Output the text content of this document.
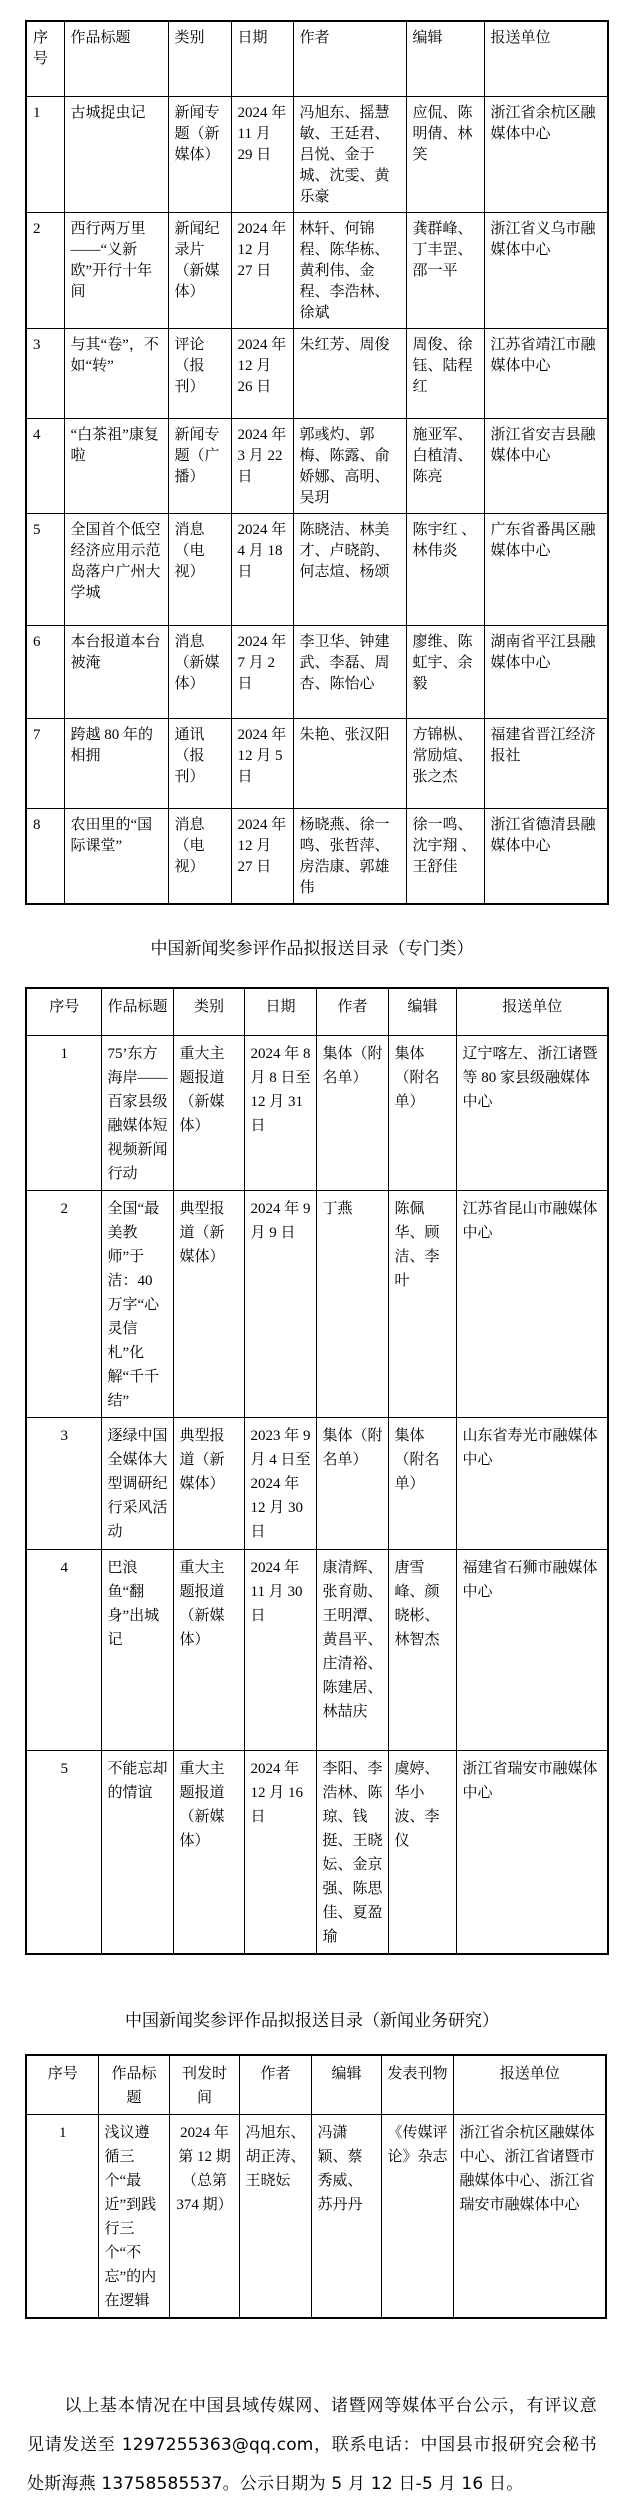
序号	作品标题	类别	日期	作者	编辑	报送单位
1	古城捉虫记	新闻专题（新媒体）	2024 年 11 月 29 日	冯旭东、摇慧敏、王廷君、吕悦、金于城、沈雯、黄乐豪	应侃、陈明倩、林笑	浙江省余杭区融媒体中心
2	西行两万里——“义新欧”开行十年间	新闻纪录片（新媒体）	2024 年 12 月 27 日	林轩、何锦程、陈华栋、黄利伟、金程、李浩林、徐斌	龚群峰、丁丰罡、邵一平	浙江省义乌市融媒体中心
3	与其“卷”，不如“转”	评论（报刊）	2024 年 12 月 26 日	朱红芳、周俊	周俊、徐钰、陆程红	江苏省靖江市融媒体中心
4	“白茶祖”康复啦	新闻专题（广播）	2024 年 3 月 22 日	郭彧灼、郭梅、陈露、俞娇娜、高明、吴玥	施亚军、白植清、陈亮	浙江省安吉县融媒体中心
5	全国首个低空经济应用示范岛落户广州大学城	消息（电视）	2024 年 4 月 18 日	陈晓洁、林美才、卢晓韵、何志煊、杨颂	陈宇红 、林伟炎	广东省番禺区融媒体中心
6	本台报道本台被淹	消息（新媒体）	2024 年 7 月 2 日	李卫华、钟建武、李磊、周杏、陈怡心	廖维、陈虹宇、余毅	湖南省平江县融媒体中心
7	跨越 80 年的相拥	通讯（报刊）	2024 年 12 月 5 日	朱艳、张汉阳	方锦枞、常励煊、张之杰	福建省晋江经济报社
8	农田里的“国际课堂”	消息（电视）	2024 年 12 月 27 日	杨晓燕、徐一鸣、张哲萍、房浩康、郭雄伟	徐一鸣、沈宇翔 、王舒佳	浙江省德清县融媒体中心
中国新闻奖参评作品拟报送目录（专门类）
序号	作品标题	类别	日期	作者	编辑	报送单位
1	75’东方海岸——百家县级融媒体短视频新闻行动	重大主题报道（新媒体）	2024 年 8 月 8 日至 12 月 31 日	集体（附名单）	集体（附名单）	辽宁喀左、浙江诸暨等 80 家县级融媒体中心
2	全国“最美教师”于洁：40 万字“心灵信札”化解“千千结”	典型报道（新媒体）	2024 年 9 月 9 日	丁燕	陈佩华、顾洁、李叶	江苏省昆山市融媒体中心
3	逐绿中国全媒体大型调研纪行采风活动	典型报道（新媒体）	2023 年 9 月 4 日至 2024 年 12 月 30 日	集体（附名单）	集体（附名单）	山东省寿光市融媒体中心
4	巴浪鱼“翻身”出城记	重大主题报道（新媒体）	2024 年 11 月 30 日	康清辉、张育勋、王明潭、黄昌平、庄清裕、陈建居、林喆庆	唐雪峰、颜晓彬、林智杰	福建省石狮市融媒体中心
5	不能忘却的情谊	重大主题报道（新媒体）	2024 年 12 月 16 日	李阳、李浩林、陈琼、钱挺、王晓妘、金京强、陈思佳、夏盈瑜	虞婷、华小波、李仪	浙江省瑞安市融媒体中心
中国新闻奖参评作品拟报送目录（新闻业务研究）
序号	作品标题	刊发时间	作者	编辑	发表刊物	报送单位
1	浅议遵循三个“最近”到践行三个“不忘”的内在逻辑	2024 年第 12 期（总第 374 期）	冯旭东、胡正涛、王晓妘	冯潇颖、蔡秀威、苏丹丹	《传媒评论》杂志	浙江省余杭区融媒体中心、浙江省诸暨市融媒体中心、浙江省瑞安市融媒体中心

以上基本情况在中国县域传媒网、诸暨网等媒体平台公示，有评议意见请发送至 1297255363@qq.com，联系电话：中国县市报研究会秘书处斯海燕 13758585537。公示日期为 5 月 12 日-5 月 16 日。
